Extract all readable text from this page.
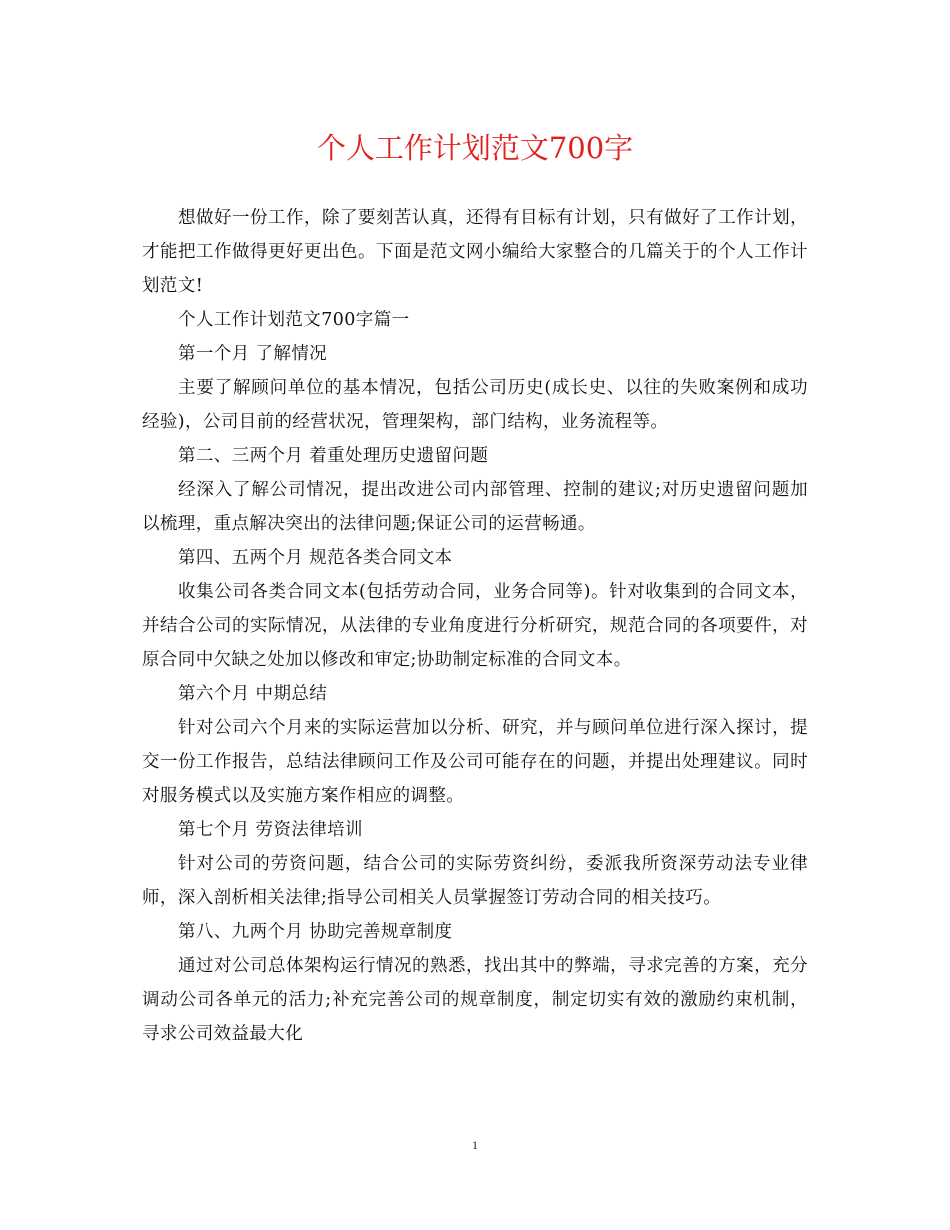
个人工作计划范文700字

想做好一份工作，除了要刻苦认真，还得有目标有计划，只有做好了工作计划，才能把工作做得更好更出色。下面是范文网小编给大家整合的几篇关于的个人工作计划范文!

个人工作计划范文700字篇一

第一个月 了解情况

主要了解顾问单位的基本情况，包括公司历史(成长史、以往的失败案例和成功经验)，公司目前的经营状况，管理架构，部门结构，业务流程等。

第二、三两个月 着重处理历史遗留问题

经深入了解公司情况，提出改进公司内部管理、控制的建议;对历史遗留问题加以梳理，重点解决突出的法律问题;保证公司的运营畅通。

第四、五两个月 规范各类合同文本

收集公司各类合同文本(包括劳动合同，业务合同等)。针对收集到的合同文本，并结合公司的实际情况，从法律的专业角度进行分析研究，规范合同的各项要件，对原合同中欠缺之处加以修改和审定;协助制定标准的合同文本。

第六个月 中期总结

针对公司六个月来的实际运营加以分析、研究，并与顾问单位进行深入探讨，提交一份工作报告，总结法律顾问工作及公司可能存在的问题，并提出处理建议。同时对服务模式以及实施方案作相应的调整。

第七个月 劳资法律培训

针对公司的劳资问题，结合公司的实际劳资纠纷，委派我所资深劳动法专业律师，深入剖析相关法律;指导公司相关人员掌握签订劳动合同的相关技巧。

第八、九两个月 协助完善规章制度

通过对公司总体架构运行情况的熟悉，找出其中的弊端，寻求完善的方案，充分调动公司各单元的活力;补充完善公司的规章制度，制定切实有效的激励约束机制，寻求公司效益最大化

1
